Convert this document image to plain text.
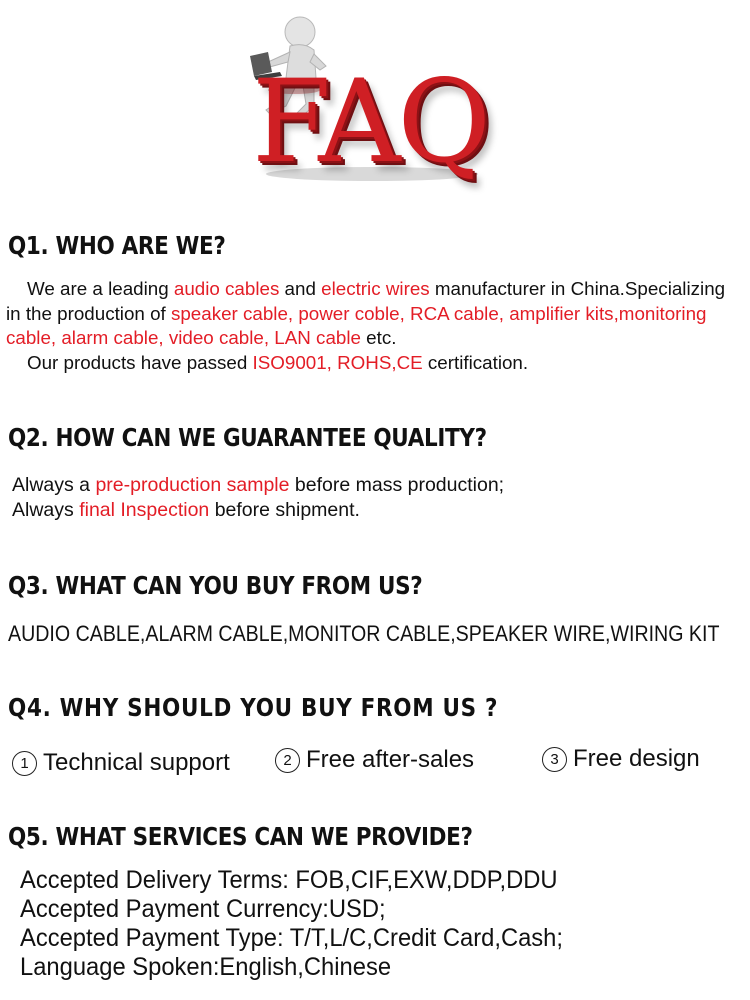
FAQ
Q1. WHO ARE WE?
We are a leading audio cables and electric wires manufacturer in China.Specializing
in the production of speaker cable, power coble, RCA cable, amplifier kits,monitoring
cable, alarm cable, video cable, LAN cable etc.
Our products have passed ISO9001, ROHS,CE certification.
Q2. HOW CAN WE GUARANTEE QUALITY?
Always a pre-production sample before mass production;
Always final Inspection before shipment.
Q3. WHAT CAN YOU BUY FROM US?
AUDIO CABLE,ALARM CABLE,MONITOR CABLE,SPEAKER WIRE,WIRING KIT
Q4. WHY SHOULD YOU BUY FROM US ?
1 Technical support	2 Free after-sales	3 Free design
Q5. WHAT SERVICES CAN WE PROVIDE?
Accepted Delivery Terms: FOB,CIF,EXW,DDP,DDU
Accepted Payment Currency:USD;
Accepted Payment Type: T/T,L/C,Credit Card,Cash;
Language Spoken:English,Chinese
